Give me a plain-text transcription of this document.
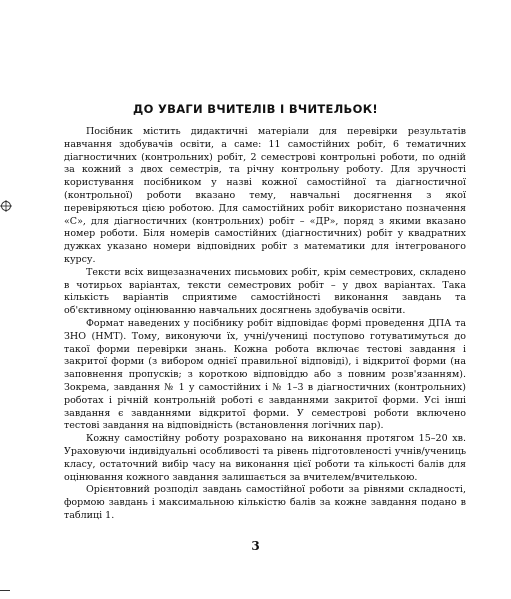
ДО УВАГИ ВЧИТЕЛІВ І ВЧИТЕЛЬОК!

Посібник містить дидактичні матеріали для перевірки результатів навчання здобувачів освіти, а саме: 11 самостійних робіт, 6 тематичних діагностичних (контрольних) робіт, 2 семестрові контрольні роботи, по одній за кожний з двох семестрів, та річну контрольну роботу. Для зручності користування посібником у назві кожної самостійної та діагностичної (контрольної) роботи вказано тему, навчальні досягнення з якої перевіряються цією роботою. Для самостійних робіт використано позначення «С», для діагностичних (контрольних) робіт – «ДР», поряд з якими вказано номер роботи. Біля номерів самостійних (діагностичних) робіт у квадратних дужках указано номери відповідних робіт з математики для інтегрованого курсу.

Тексти всіх вищезазначених письмових робіт, крім семестрових, складено в чотирьох варіантах, тексти семестрових робіт – у двох варіантах. Така кількість варіантів сприятиме самостійності виконання завдань та об'єктивному оцінюванню навчальних досягнень здобувачів освіти.

Формат наведених у посібнику робіт відповідає формі проведення ДПА та ЗНО (НМТ). Тому, виконуючи їх, учні/учениці поступово готуватимуться до такої форми перевірки знань. Кожна робота включає тестові завдання і закритої форми (з вибором однієї правильної відповіді), і відкритої форми (на заповнення пропусків; з короткою відповіддю або з повним розв'язанням). Зокрема, завдання № 1 у самостійних і № 1–3 в діагностичних (контрольних) роботах і річній контрольній роботі є завданнями закритої форми. Усі інші завдання є завданнями відкритої форми. У семестрові роботи включено тестові завдання на відповідність (встановлення логічних пар).

Кожну самостійну роботу розраховано на виконання протягом 15–20 хв. Ураховуючи індивідуальні особливості та рівень підготовленості учнів/учениць класу, остаточний вибір часу на виконання цієї роботи та кількості балів для оцінювання кожного завдання залишається за вчителем/вчителькою.

Орієнтовний розподіл завдань самостійної роботи за рівнями складності, формою завдань і максимальною кількістю балів за кожне завдання подано в таблиці 1.

3
